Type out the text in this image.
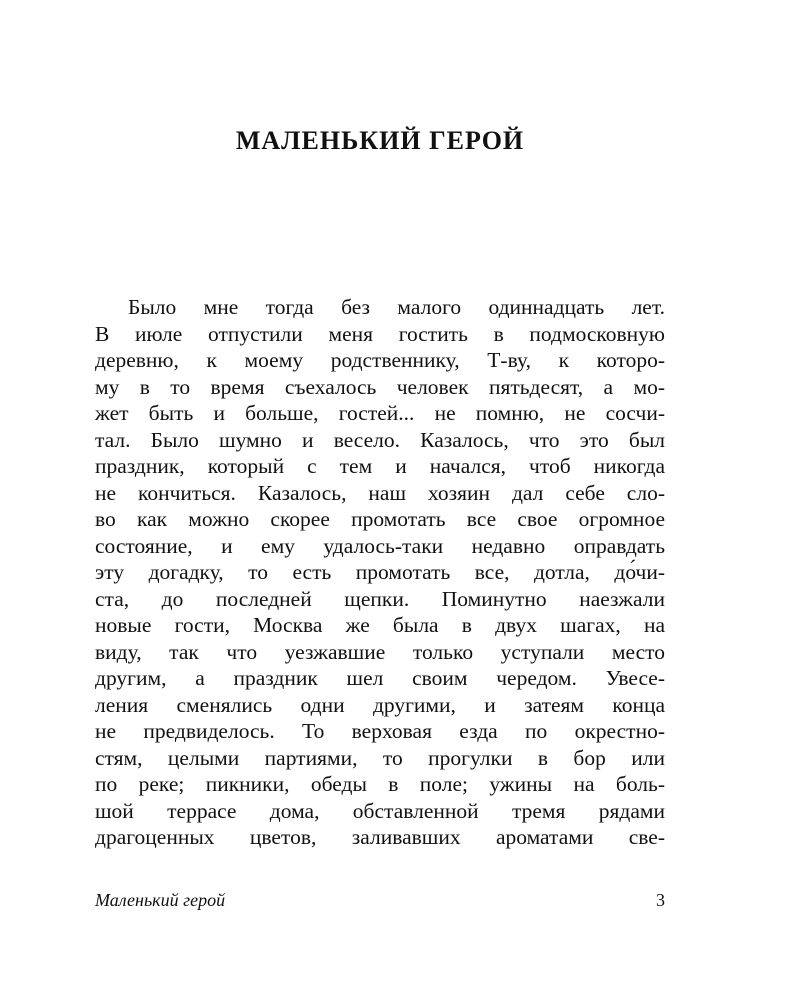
МАЛЕНЬКИЙ ГЕРОЙ
Было мне тогда без малого одиннадцать лет.
В июле отпустили меня гостить в подмосковную
деревню, к моему родственнику, Т-ву, к которо-
му в то время съехалось человек пятьдесят, а мо-
жет быть и больше, гостей... не помню, не сосчи-
тал. Было шумно и весело. Казалось, что это был
праздник, который с тем и начался, чтоб никогда
не кончиться. Казалось, наш хозяин дал себе сло-
во как можно скорее промотать все свое огромное
состояние, и ему удалось-таки недавно оправдать
эту догадку, то есть промотать все, дотла, до́чи-
ста, до последней щепки. Поминутно наезжали
новые гости, Москва же была в двух шагах, на
виду, так что уезжавшие только уступали место
другим, а праздник шел своим чередом. Увесе-
ления сменялись одни другими, и затеям конца
не предвиделось. То верховая езда по окрестно-
стям, целыми партиями, то прогулки в бор или
по реке; пикники, обеды в поле; ужины на боль-
шой террасе дома, обставленной тремя рядами
драгоценных цветов, заливавших ароматами све-
Маленький герой	3
